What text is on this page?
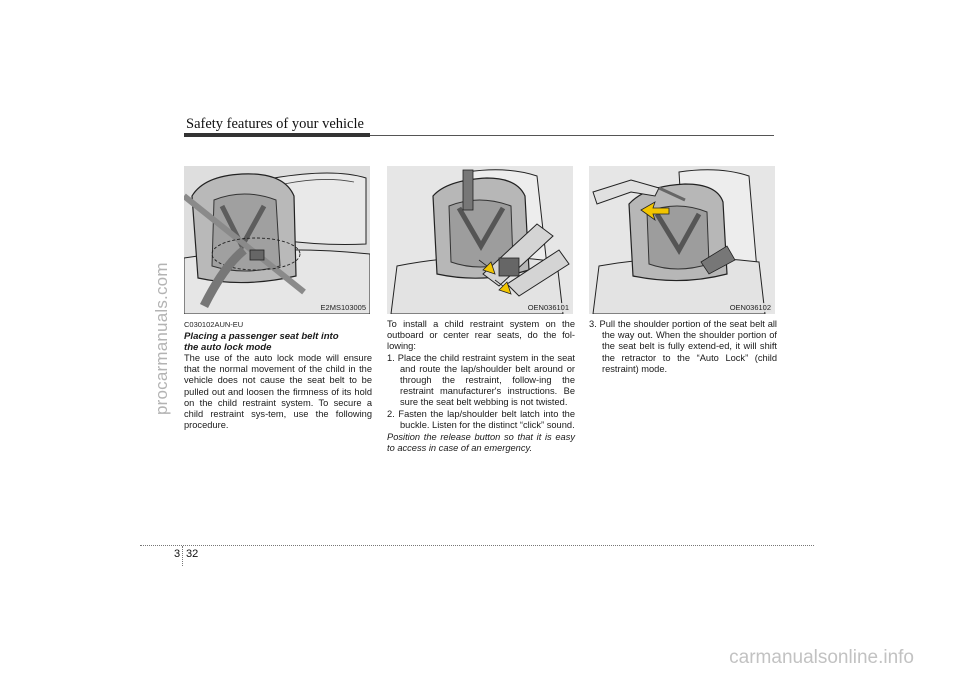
procarmanuals.com
carmanualsonline.info
Safety features of your vehicle
E2MS103005	OEN036101	OEN036102
C030102AUN-EU
Placing a passenger seat belt into
the auto lock mode

The use of the auto lock mode will ensure that the normal movement of the child in the vehicle does not cause the seat belt to be pulled out and loosen the firmness of its hold on the child restraint system. To secure a child restraint sys-tem, use the following procedure.

To install a child restraint system on the outboard or center rear seats, do the fol-lowing:

1. Place the child restraint system in the seat and route the lap/shoulder belt around or through the restraint, follow-ing the restraint manufacturer's instructions. Be sure the seat belt webbing is not twisted.
2. Fasten the lap/shoulder belt latch into the buckle. Listen for the distinct “click” sound.
Position the release button so that it is easy to access in case of an emergency.
3. Pull the shoulder portion of the seat belt all the way out. When the shoulder portion of the seat belt is fully extend-ed, it will shift the retractor to the “Auto Lock” (child restraint) mode.
3 32
